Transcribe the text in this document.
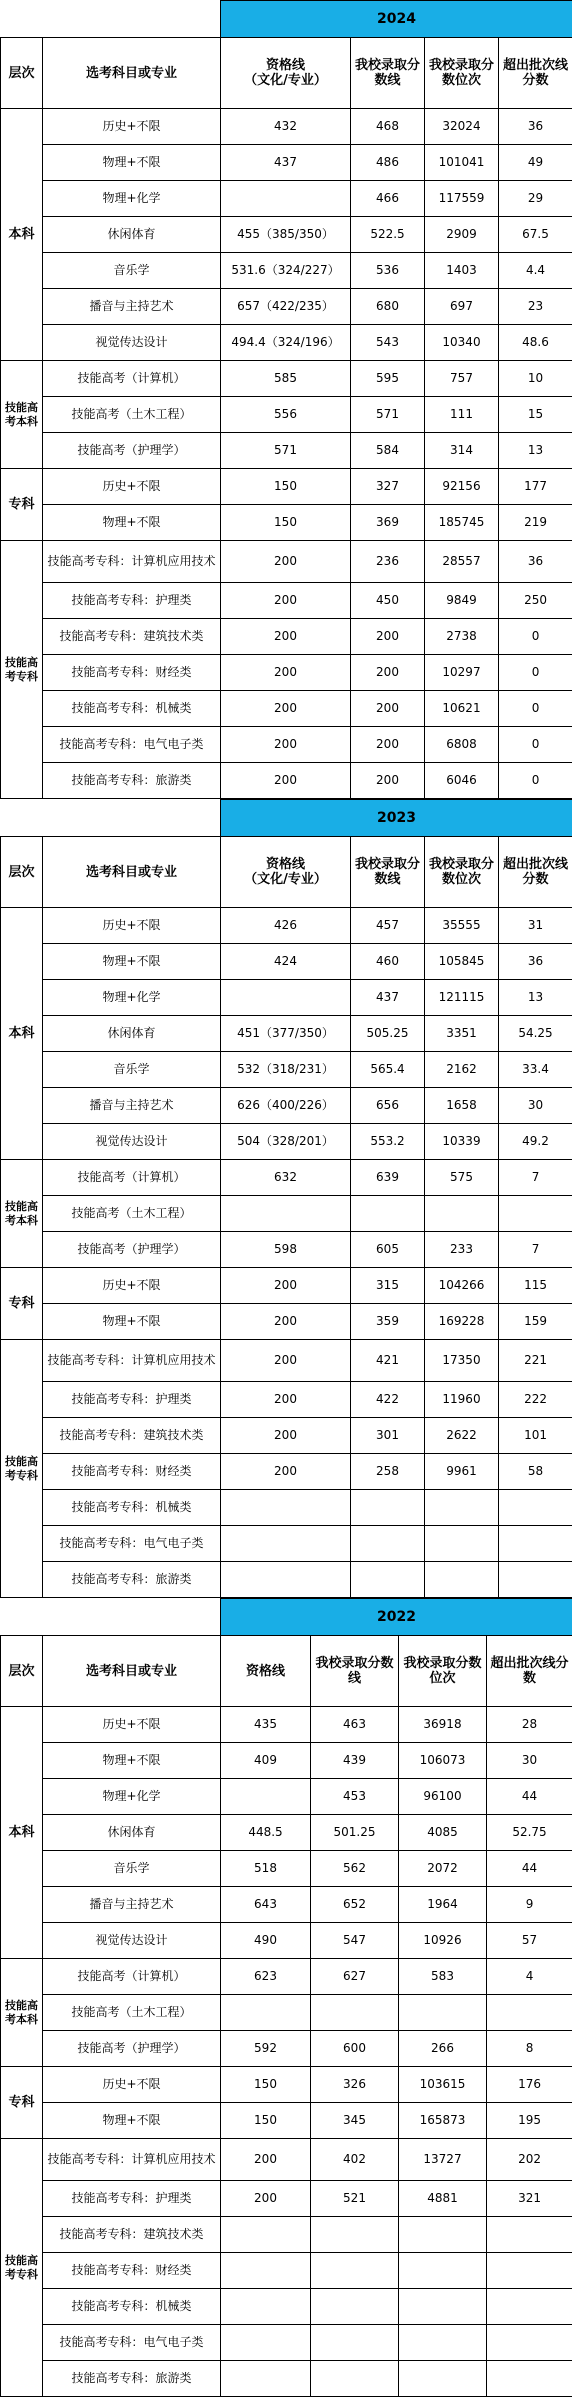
		2024			
层次	选考科目或专业	资格线
（文化/专业）	我校录取分数线	我校录取分数位次	超出批次线分数
本科	历史+不限	432	468	32024	36
	物理+不限	437	486	101041	49
	物理+化学		466	117559	29
	休闲体育	455（385/350）	522.5	2909	67.5
	音乐学	531.6（324/227）	536	1403	4.4
	播音与主持艺术	657（422/235）	680	697	23
	视觉传达设计	494.4（324/196）	543	10340	48.6
技能高考本科	技能高考（计算机）	585	595	757	10
	技能高考（土木工程）	556	571	111	15
	技能高考（护理学）	571	584	314	13
专科	历史+不限	150	327	92156	177
	物理+不限	150	369	185745	219
技能高考专科	技能高考专科：计算机应用技术	200	236	28557	36
	技能高考专科：护理类	200	450	9849	250
	技能高考专科：建筑技术类	200	200	2738	0
	技能高考专科：财经类	200	200	10297	0
	技能高考专科：机械类	200	200	10621	0
	技能高考专科：电气电子类	200	200	6808	0
	技能高考专科：旅游类	200	200	6046	0
		2023			
层次	选考科目或专业	资格线
（文化/专业）	我校录取分数线	我校录取分数位次	超出批次线分数
本科	历史+不限	426	457	35555	31
	物理+不限	424	460	105845	36
	物理+化学		437	121115	13
	休闲体育	451（377/350）	505.25	3351	54.25
	音乐学	532（318/231）	565.4	2162	33.4
	播音与主持艺术	626（400/226）	656	1658	30
	视觉传达设计	504（328/201）	553.2	10339	49.2
技能高考本科	技能高考（计算机）	632	639	575	7
	技能高考（土木工程）				
	技能高考（护理学）	598	605	233	7
专科	历史+不限	200	315	104266	115
	物理+不限	200	359	169228	159
技能高考专科	技能高考专科：计算机应用技术	200	421	17350	221
	技能高考专科：护理类	200	422	11960	222
	技能高考专科：建筑技术类	200	301	2622	101
	技能高考专科：财经类	200	258	9961	58
	技能高考专科：机械类				
	技能高考专科：电气电子类				
	技能高考专科：旅游类				
		2022			
层次	选考科目或专业	资格线	我校录取分数线	我校录取分数位次	超出批次线分数
本科	历史+不限	435	463	36918	28
	物理+不限	409	439	106073	30
	物理+化学		453	96100	44
	休闲体育	448.5	501.25	4085	52.75
	音乐学	518	562	2072	44
	播音与主持艺术	643	652	1964	9
	视觉传达设计	490	547	10926	57
技能高考本科	技能高考（计算机）	623	627	583	4
	技能高考（土木工程）				
	技能高考（护理学）	592	600	266	8
专科	历史+不限	150	326	103615	176
	物理+不限	150	345	165873	195
技能高考专科	技能高考专科：计算机应用技术	200	402	13727	202
	技能高考专科：护理类	200	521	4881	321
	技能高考专科：建筑技术类				
	技能高考专科：财经类				
	技能高考专科：机械类				
	技能高考专科：电气电子类				
	技能高考专科：旅游类				
